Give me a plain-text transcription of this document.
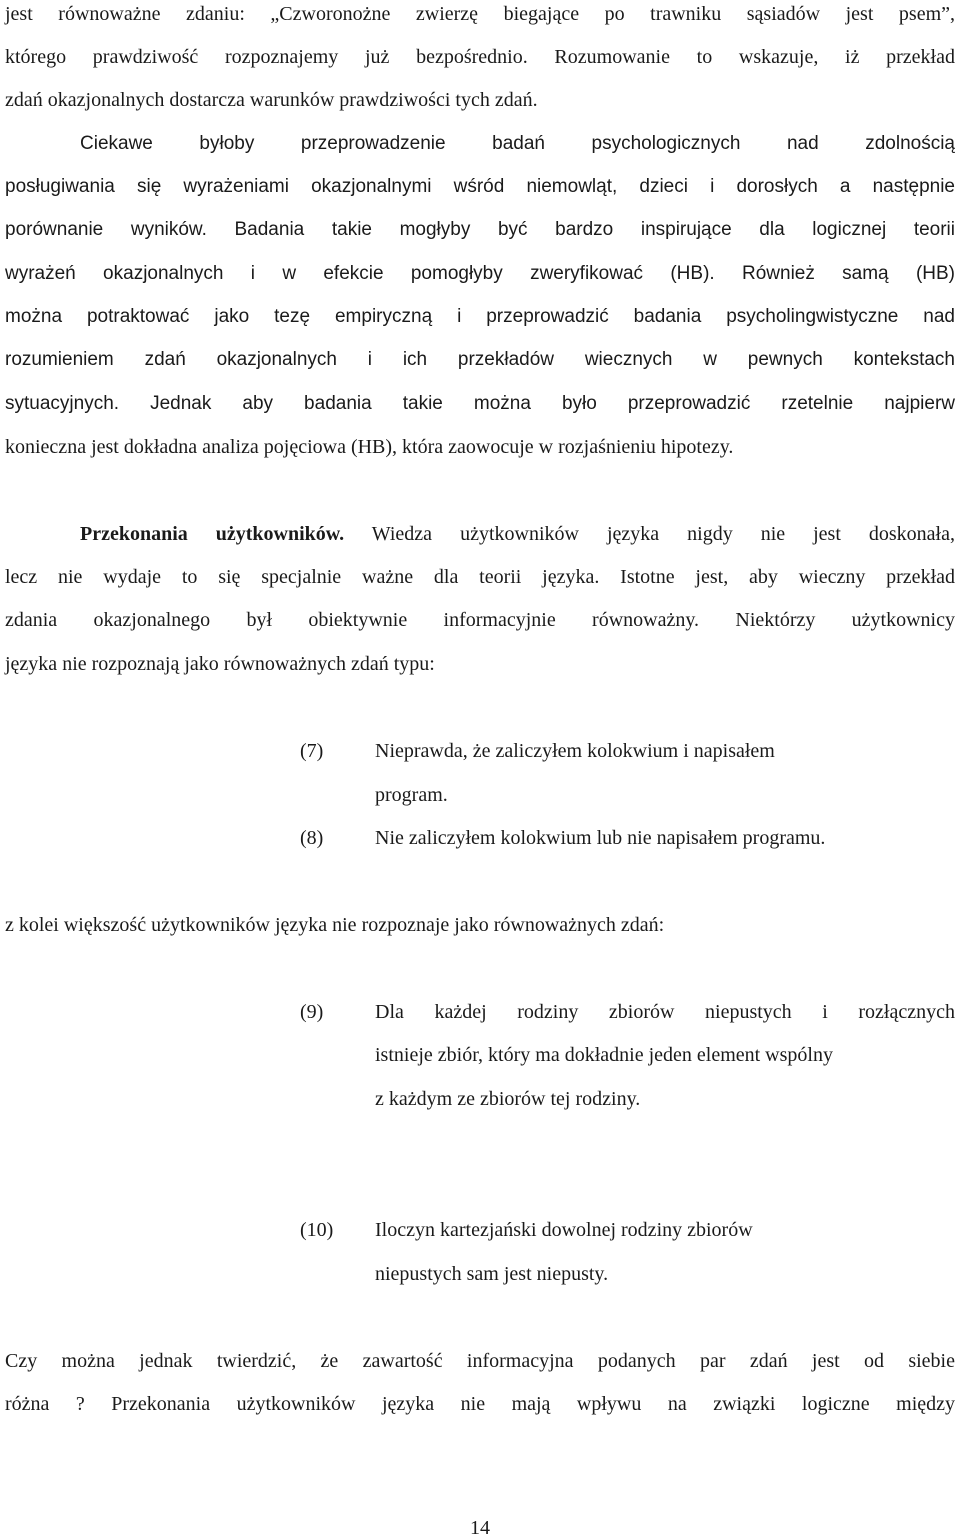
jest równoważne zdaniu: „Czworonożne zwierzę biegające po trawniku sąsiadów jest psem”,
którego prawdziwość rozpoznajemy już bezpośrednio. Rozumowanie to wskazuje, iż przekład
zdań okazjonalnych dostarcza warunków prawdziwości tych zdań.
Ciekawe byłoby przeprowadzenie badań psychologicznych nad zdolnością
posługiwania się wyrażeniami okazjonalnymi wśród niemowląt, dzieci i dorosłych a następnie
porównanie wyników. Badania takie mogłyby być bardzo inspirujące dla logicznej teorii
wyrażeń okazjonalnych i w efekcie pomogłyby zweryfikować (HB). Również samą (HB)
można potraktować jako tezę empiryczną i przeprowadzić badania psycholingwistyczne nad
rozumieniem zdań okazjonalnych i ich przekładów wiecznych w pewnych kontekstach
sytuacyjnych. Jednak aby badania takie można było przeprowadzić rzetelnie najpierw
konieczna jest dokładna analiza pojęciowa (HB), która zaowocuje w rozjaśnieniu hipotezy.
Przekonania użytkowników. Wiedza użytkowników języka nigdy nie jest doskonała,
lecz nie wydaje to się specjalnie ważne dla teorii języka. Istotne jest, aby wieczny przekład
zdania okazjonalnego był obiektywnie informacyjnie równoważny. Niektórzy użytkownicy
języka nie rozpoznają jako równoważnych zdań typu:
(7)	Nieprawda, że zaliczyłem kolokwium i napisałem
program.
(8)	Nie zaliczyłem kolokwium lub nie napisałem programu.
z kolei większość użytkowników języka nie rozpoznaje jako równoważnych zdań:
(9)	Dla każdej rodziny zbiorów niepustych i rozłącznych
istnieje zbiór, który ma dokładnie jeden element wspólny
z każdym ze zbiorów tej rodziny.
(10) Iloczyn kartezjański dowolnej rodziny zbiorów
niepustych sam jest niepusty.
Czy można jednak twierdzić, że zawartość informacyjna podanych par zdań jest od siebie
różna ? Przekonania użytkowników języka nie mają wpływu na związki logiczne między
14
